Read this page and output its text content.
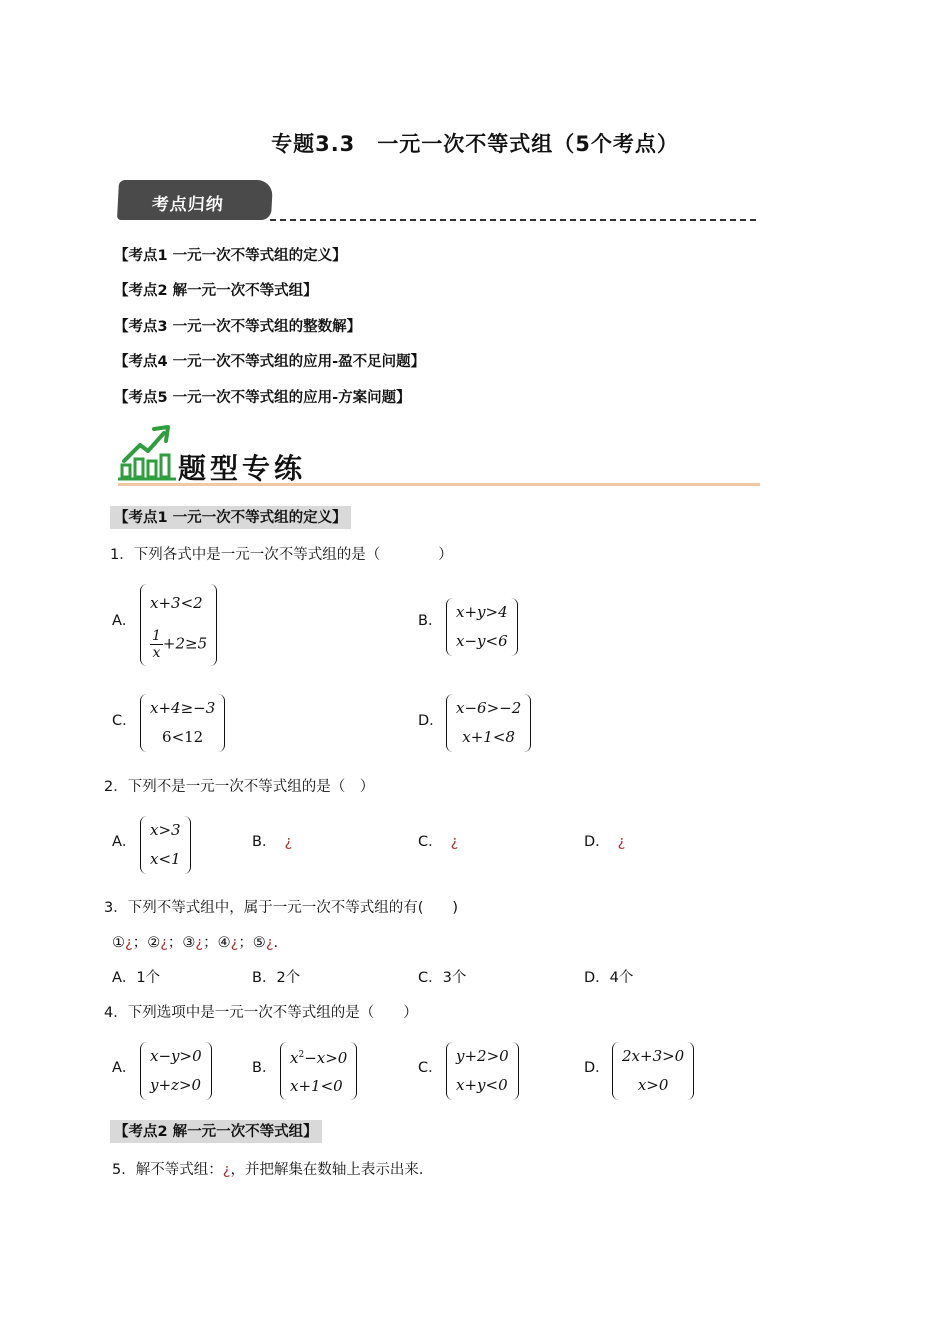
专题3.3　一元一次不等式组（5个考点）
考点归纳
【考点1 一元一次不等式组的定义】
【考点2 解一元一次不等式组】
【考点3 一元一次不等式组的整数解】
【考点4 一元一次不等式组的应用-盈不足问题】
【考点5 一元一次不等式组的应用-方案问题】
题型专练
【考点1 一元一次不等式组的定义】
1．下列各式中是一元一次不等式组的是（　　　　）
A．
x+3<2
$\frac{1}{x} +2\ge 5$
B． x+y>4
x−y<6
C．
x+4≥−3
6<12
D．
x−6>−2
x+1<8
2．下列不是一元一次不等式组的是（　）
A．
x>3
x<1
B． ¿	C． ¿	D． ¿
3．下列不等式组中，属于一元一次不等式组的有(　　)
①¿；②¿；③¿；④¿；⑤¿.
A．1个	B．2个	C．3个	D．4个
4．下列选项中是一元一次不等式组的是（　　）
A．
x−y>0
y+z>0
B．
$x^2-x>0$
x+1<0
C．
y+2>0
x+y<0
D．
2x+3>0
x>0
【考点2 解一元一次不等式组】
5．解不等式组：¿，并把解集在数轴上表示出来．
